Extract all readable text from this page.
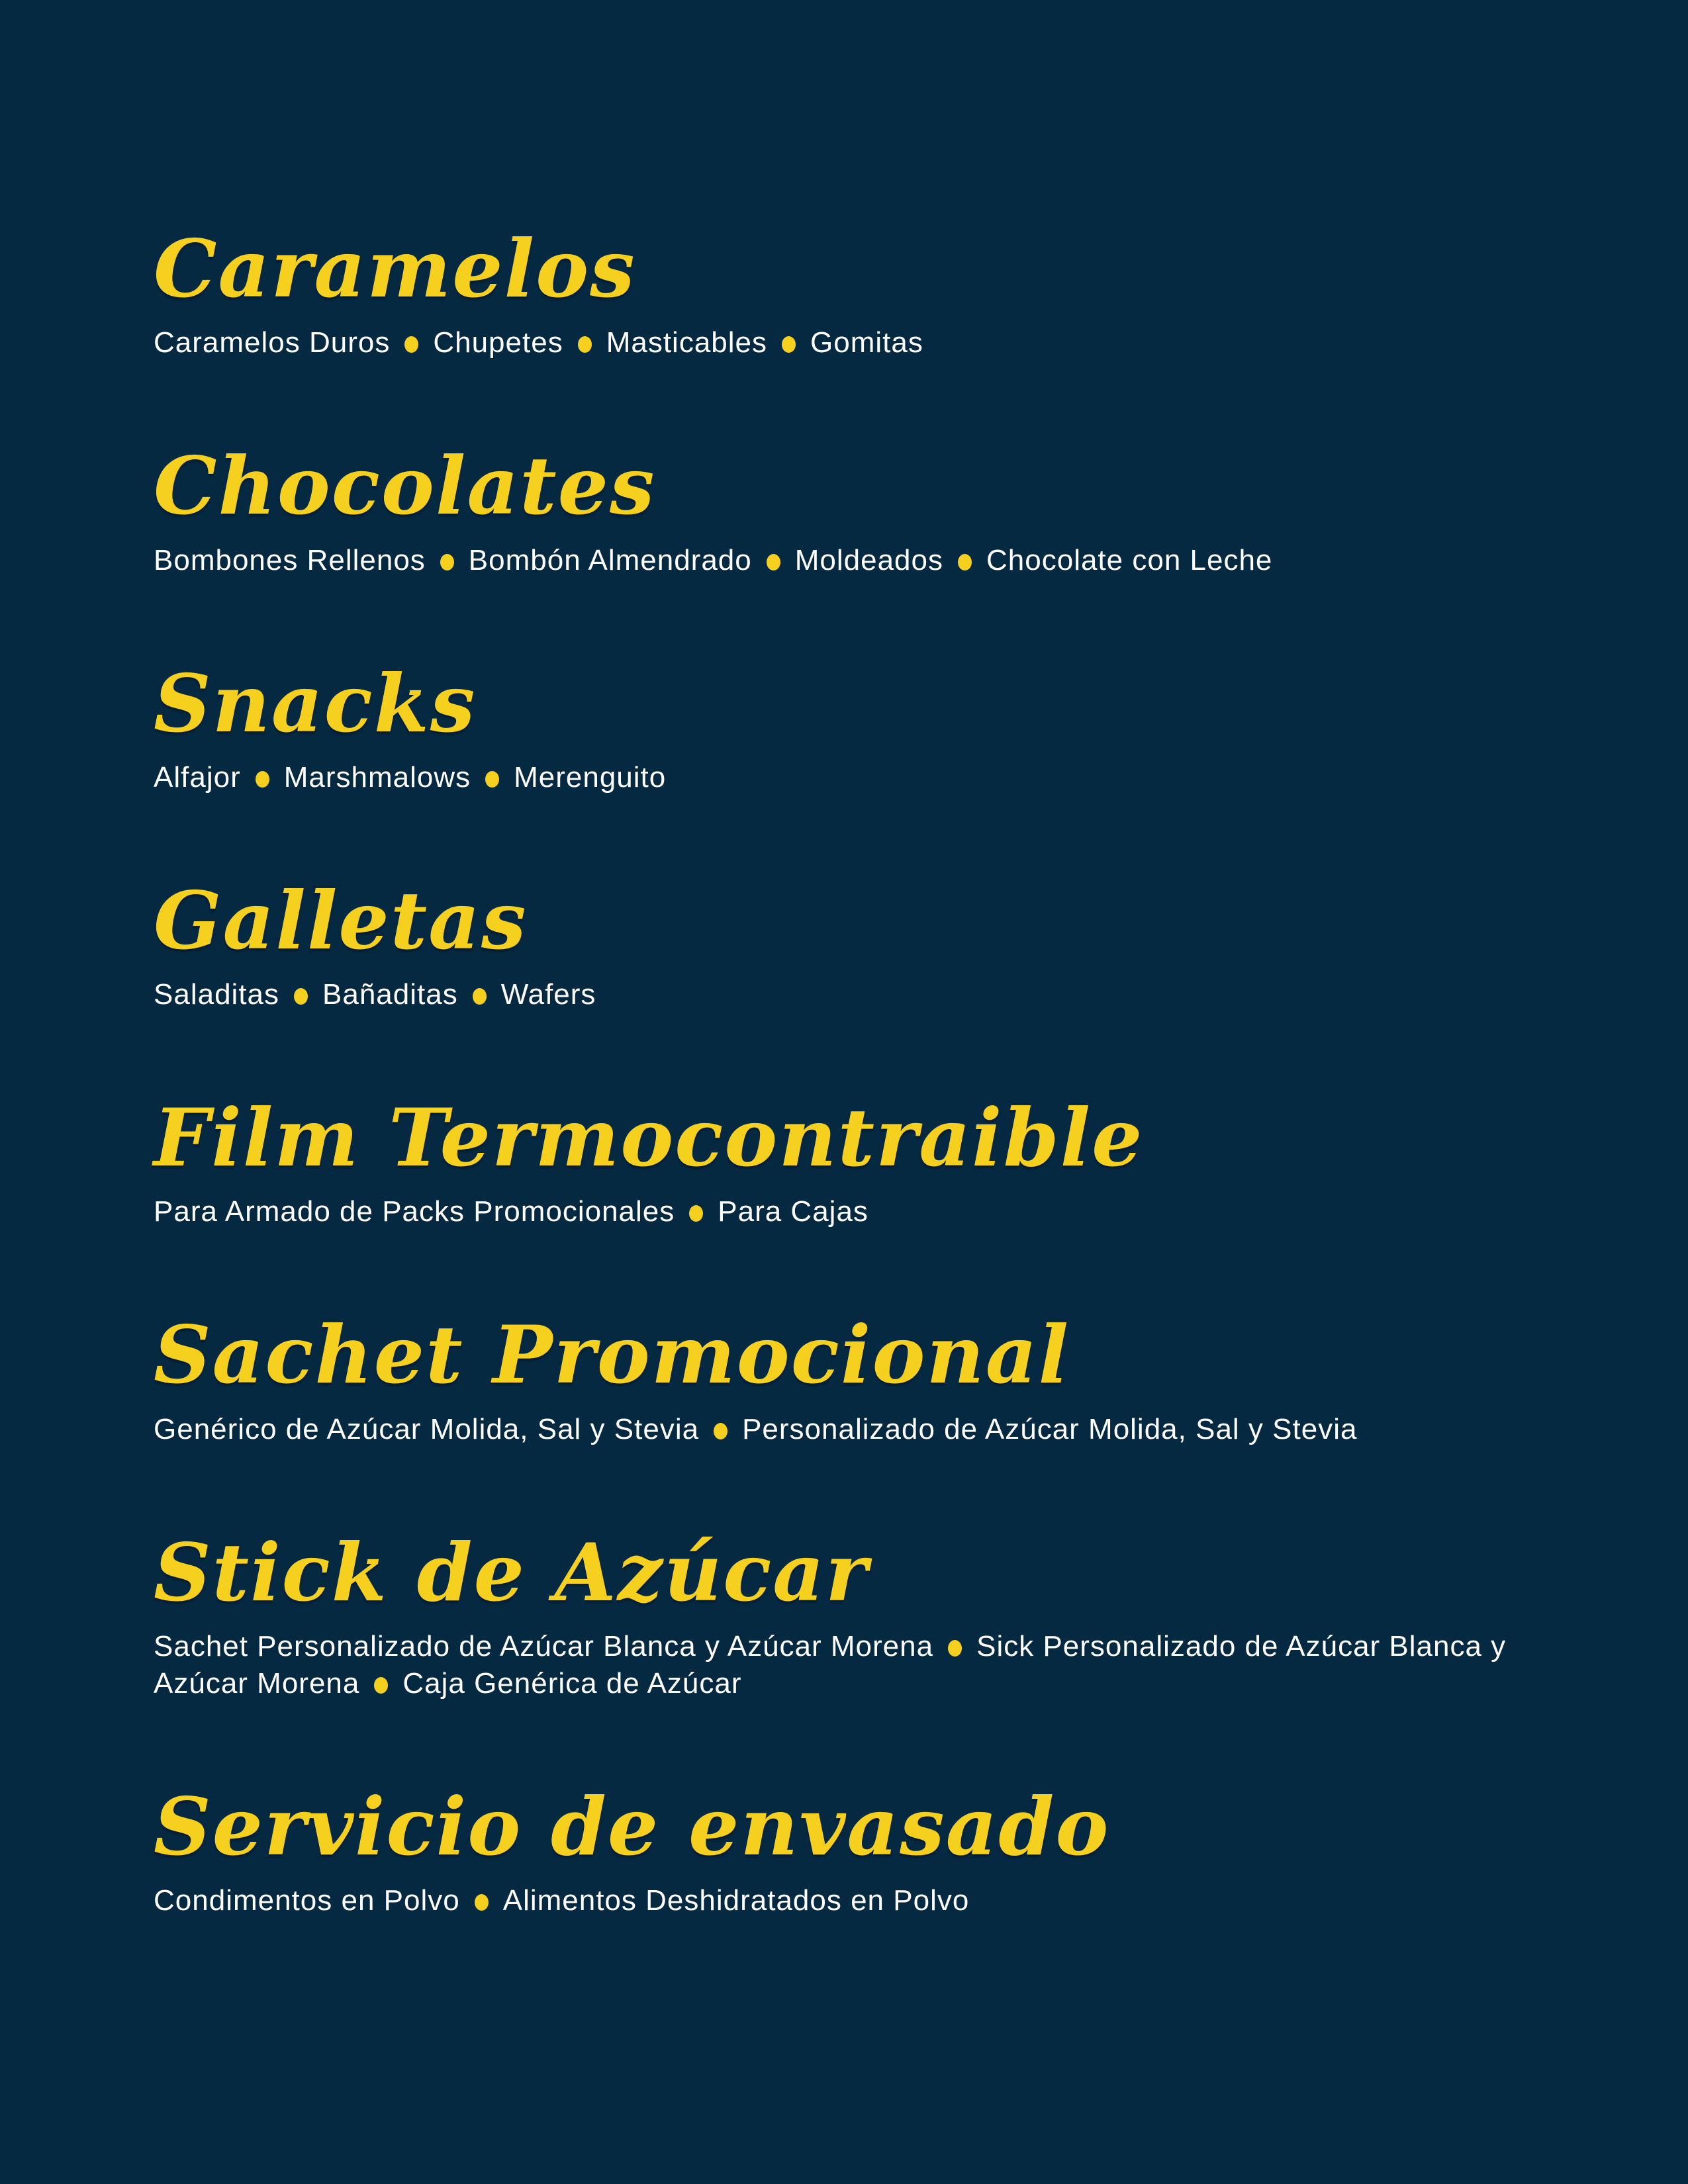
Caramelos

Caramelos Duros Chupetes Masticables Gomitas

Chocolates

Bombones Rellenos Bombón Almendrado Moldeados Chocolate con Leche

Snacks

Alfajor Marshmalows Merenguito

Galletas

Saladitas Bañaditas Wafers

Film Termocontraible

Para Armado de Packs Promocionales Para Cajas

Sachet Promocional

Genérico de Azúcar Molida, Sal y Stevia Personalizado de Azúcar Molida, Sal y Stevia

Stick de Azúcar

Sachet Personalizado de Azúcar Blanca y Azúcar Morena Sick Personalizado de Azúcar Blanca y Azúcar Morena Caja Genérica de Azúcar

Servicio de envasado

Condimentos en Polvo Alimentos Deshidratados en Polvo
